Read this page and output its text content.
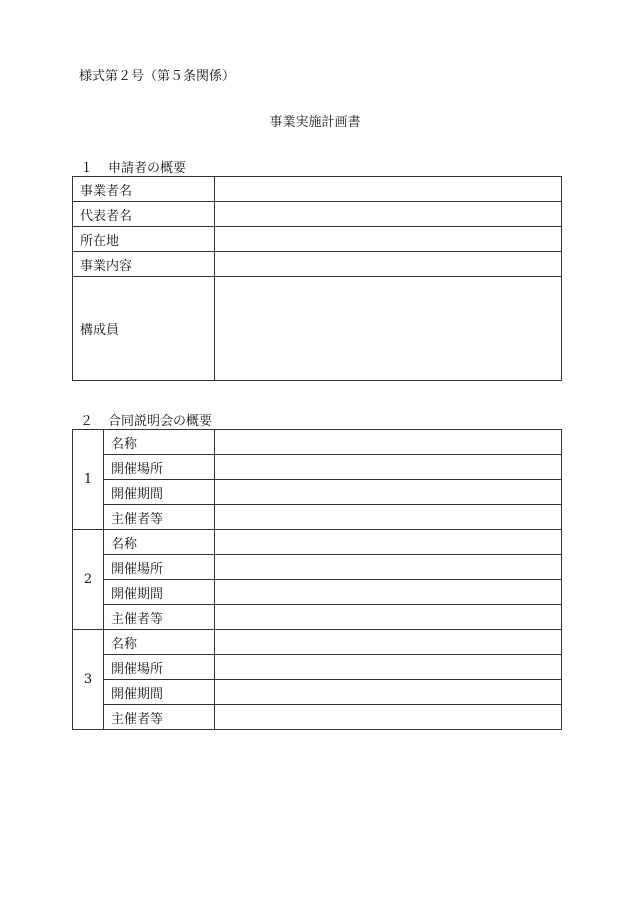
様式第２号（第５条関係）
事業実施計画書
１ 申請者の概要
事業者名	
代表者名	
所在地	
事業内容	
構成員	
２ 合同説明会の概要
1	名称	
	開催場所	
	開催期間	
	主催者等	
2	名称	
	開催場所	
	開催期間	
	主催者等	
3	名称	
	開催場所	
	開催期間	
	主催者等	
